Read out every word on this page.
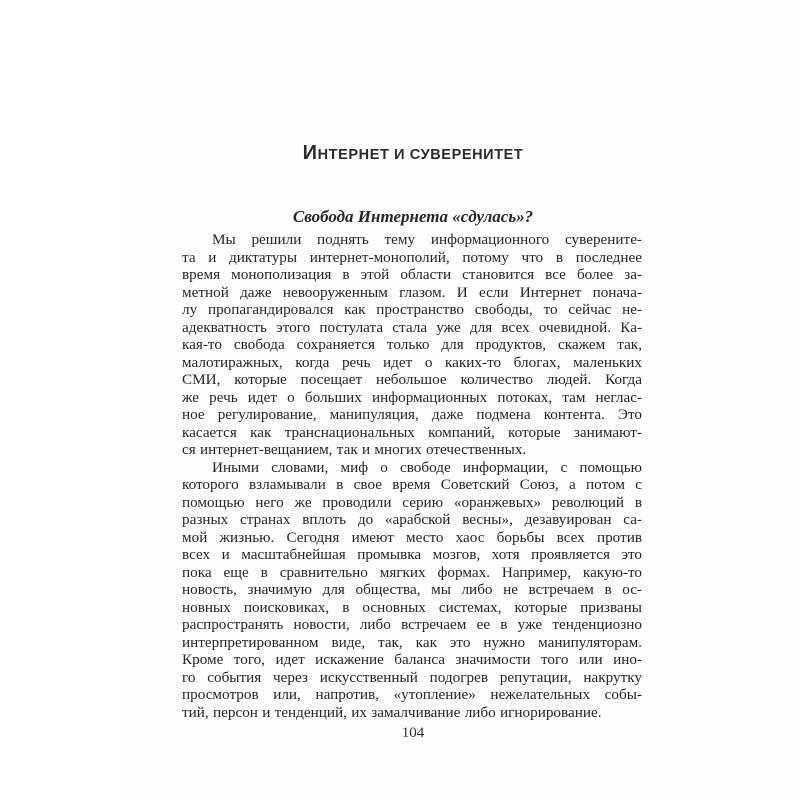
ИНТЕРНЕТ И СУВЕРЕНИТЕТ
Свобода Интернета «сдулась»?
Мы решили поднять тему информационного суверените-
та и диктатуры интернет-монополий, потому что в последнее
время монополизация в этой области становится все более за-
метной даже невооруженным глазом. И если Интернет понача-
лу пропагандировался как пространство свободы, то сейчас не-
адекватность этого постулата стала уже для всех очевидной. Ка-
кая-то свобода сохраняется только для продуктов, скажем так,
малотиражных, когда речь идет о каких-то блогах, маленьких
СМИ, которые посещает небольшое количество людей. Когда
же речь идет о больших информационных потоках, там неглас-
ное регулирование, манипуляция, даже подмена контента. Это
касается как транснациональных компаний, которые занимают-
ся интернет-вещанием, так и многих отечественных.
Иными словами, миф о свободе информации, с помощью
которого взламывали в свое время Советский Союз, а потом с
помощью него же проводили серию «оранжевых» революций в
разных странах вплоть до «арабской весны», дезавуирован са-
мой жизнью. Сегодня имеют место хаос борьбы всех против
всех и масштабнейшая промывка мозгов, хотя проявляется это
пока еще в сравнительно мягких формах. Например, какую-то
новость, значимую для общества, мы либо не встречаем в ос-
новных поисковиках, в основных системах, которые призваны
распространять новости, либо встречаем ее в уже тенденциозно
интерпретированном виде, так, как это нужно манипуляторам.
Кроме того, идет искажение баланса значимости того или ино-
го события через искусственный подогрев репутации, накрутку
просмотров или, напротив, «утопление» нежелательных собы-
тий, персон и тенденций, их замалчивание либо игнорирование.
104
